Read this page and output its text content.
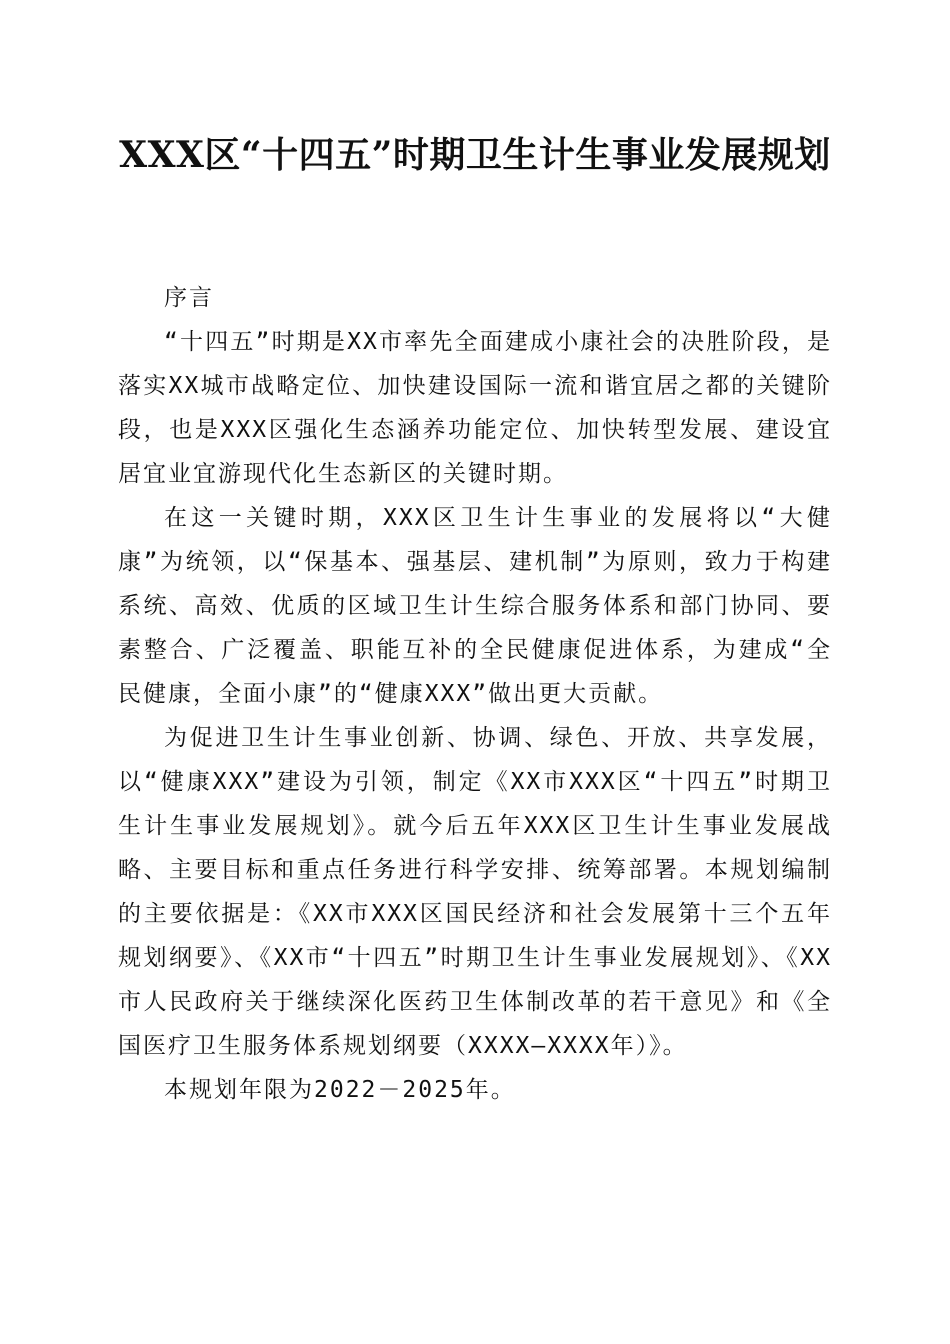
XXX区“十四五”时期卫生计生事业发展规划

序言

“十四五”时期是XX市率先全面建成小康社会的决胜阶段，是落实XX城市战略定位、加快建设国际一流和谐宜居之都的关键阶段，也是XXX区强化生态涵养功能定位、加快转型发展、建设宜居宜业宜游现代化生态新区的关键时期。

在这一关键时期，XXX区卫生计生事业的发展将以“大健康”为统领，以“保基本、强基层、建机制”为原则，致力于构建系统、高效、优质的区域卫生计生综合服务体系和部门协同、要素整合、广泛覆盖、职能互补的全民健康促进体系，为建成“全民健康，全面小康”的“健康XXX”做出更大贡献。

为促进卫生计生事业创新、协调、绿色、开放、共享发展，以“健康XXX”建设为引领，制定《XX市XXX区“十四五”时期卫生计生事业发展规划》。就今后五年XXX区卫生计生事业发展战略、主要目标和重点任务进行科学安排、统筹部署。本规划编制的主要依据是：《XX市XXX区国民经济和社会发展第十三个五年规划纲要》、《XX市“十四五”时期卫生计生事业发展规划》、《XX市人民政府关于继续深化医药卫生体制改革的若干意见》和《全国医疗卫生服务体系规划纲要（XXXX—XXXX年）》。

本规划年限为2022－2025年。
